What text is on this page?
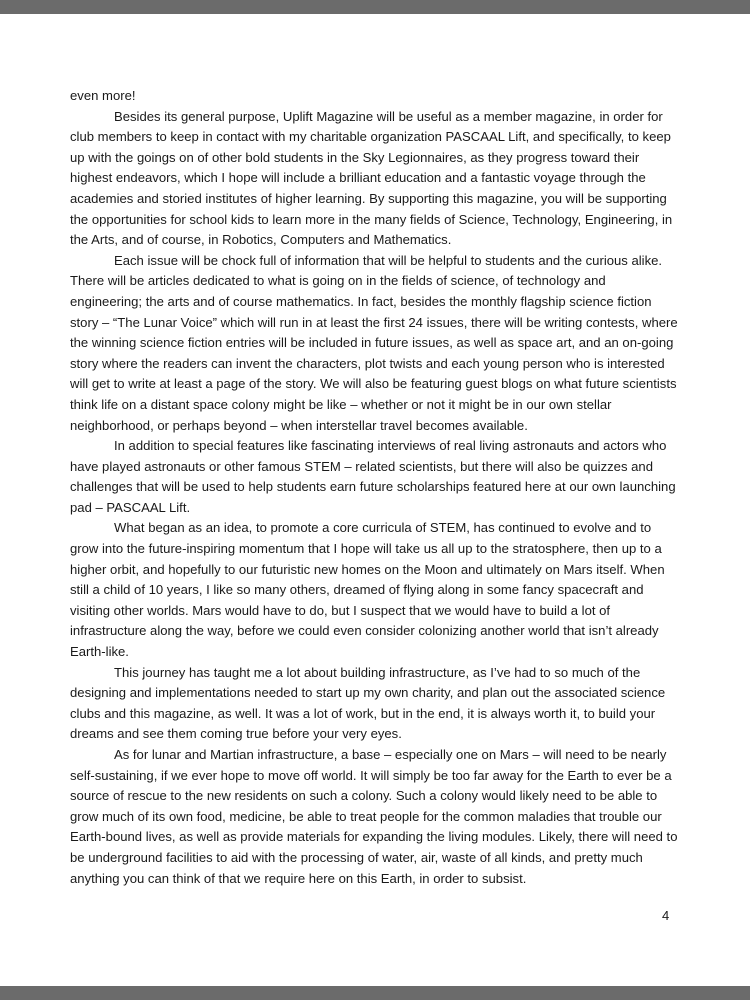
even more!

Besides its general purpose, Uplift Magazine will be useful as a member magazine, in order for club members to keep in contact with my charitable organization PASCAAL Lift, and specifically, to keep up with the goings on of other bold students in the Sky Legionnaires, as they progress toward their highest endeavors, which I hope will include a brilliant education and a fantastic voyage through the academies and storied institutes of higher learning. By supporting this magazine, you will be supporting the opportunities for school kids to learn more in the many fields of Science, Technology, Engineering, in the Arts, and of course, in Robotics, Computers and Mathematics.

Each issue will be chock full of information that will be helpful to students and the curious alike. There will be articles dedicated to what is going on in the fields of science, of technology and engineering; the arts and of course mathematics. In fact, besides the monthly flagship science fiction story – “The Lunar Voice” which will run in at least the first 24 issues, there will be writing contests, where the winning science fiction entries will be included in future issues, as well as space art, and an on-going story where the readers can invent the characters, plot twists and each young person who is interested will get to write at least a page of the story. We will also be featuring guest blogs on what future scientists think life on a distant space colony might be like – whether or not it might be in our own stellar neighborhood, or perhaps beyond – when interstellar travel becomes available.

In addition to special features like fascinating interviews of real living astronauts and actors who have played astronauts or other famous STEM – related scientists, but there will also be quizzes and challenges that will be used to help students earn future scholarships featured here at our own launching pad – PASCAAL Lift.

What began as an idea, to promote a core curricula of STEM, has continued to evolve and to grow into the future-inspiring momentum that I hope will take us all up to the stratosphere, then up to a higher orbit, and hopefully to our futuristic new homes on the Moon and ultimately on Mars itself. When still a child of 10 years, I like so many others, dreamed of flying along in some fancy spacecraft and visiting other worlds. Mars would have to do, but I suspect that we would have to build a lot of infrastructure along the way, before we could even consider colonizing another world that isn’t already Earth-like.

This journey has taught me a lot about building infrastructure, as I’ve had to so much of the designing and implementations needed to start up my own charity, and plan out the associated science clubs and this magazine, as well. It was a lot of work, but in the end, it is always worth it, to build your dreams and see them coming true before your very eyes.

As for lunar and Martian infrastructure, a base – especially one on Mars – will need to be nearly self-sustaining, if we ever hope to move off world. It will simply be too far away for the Earth to ever be a source of rescue to the new residents on such a colony. Such a colony would likely need to be able to grow much of its own food, medicine, be able to treat people for the common maladies that trouble our Earth-bound lives, as well as provide materials for expanding the living modules. Likely, there will need to be underground facilities to aid with the processing of water, air, waste of all kinds, and pretty much anything you can think of that we require here on this Earth, in order to subsist.

4
